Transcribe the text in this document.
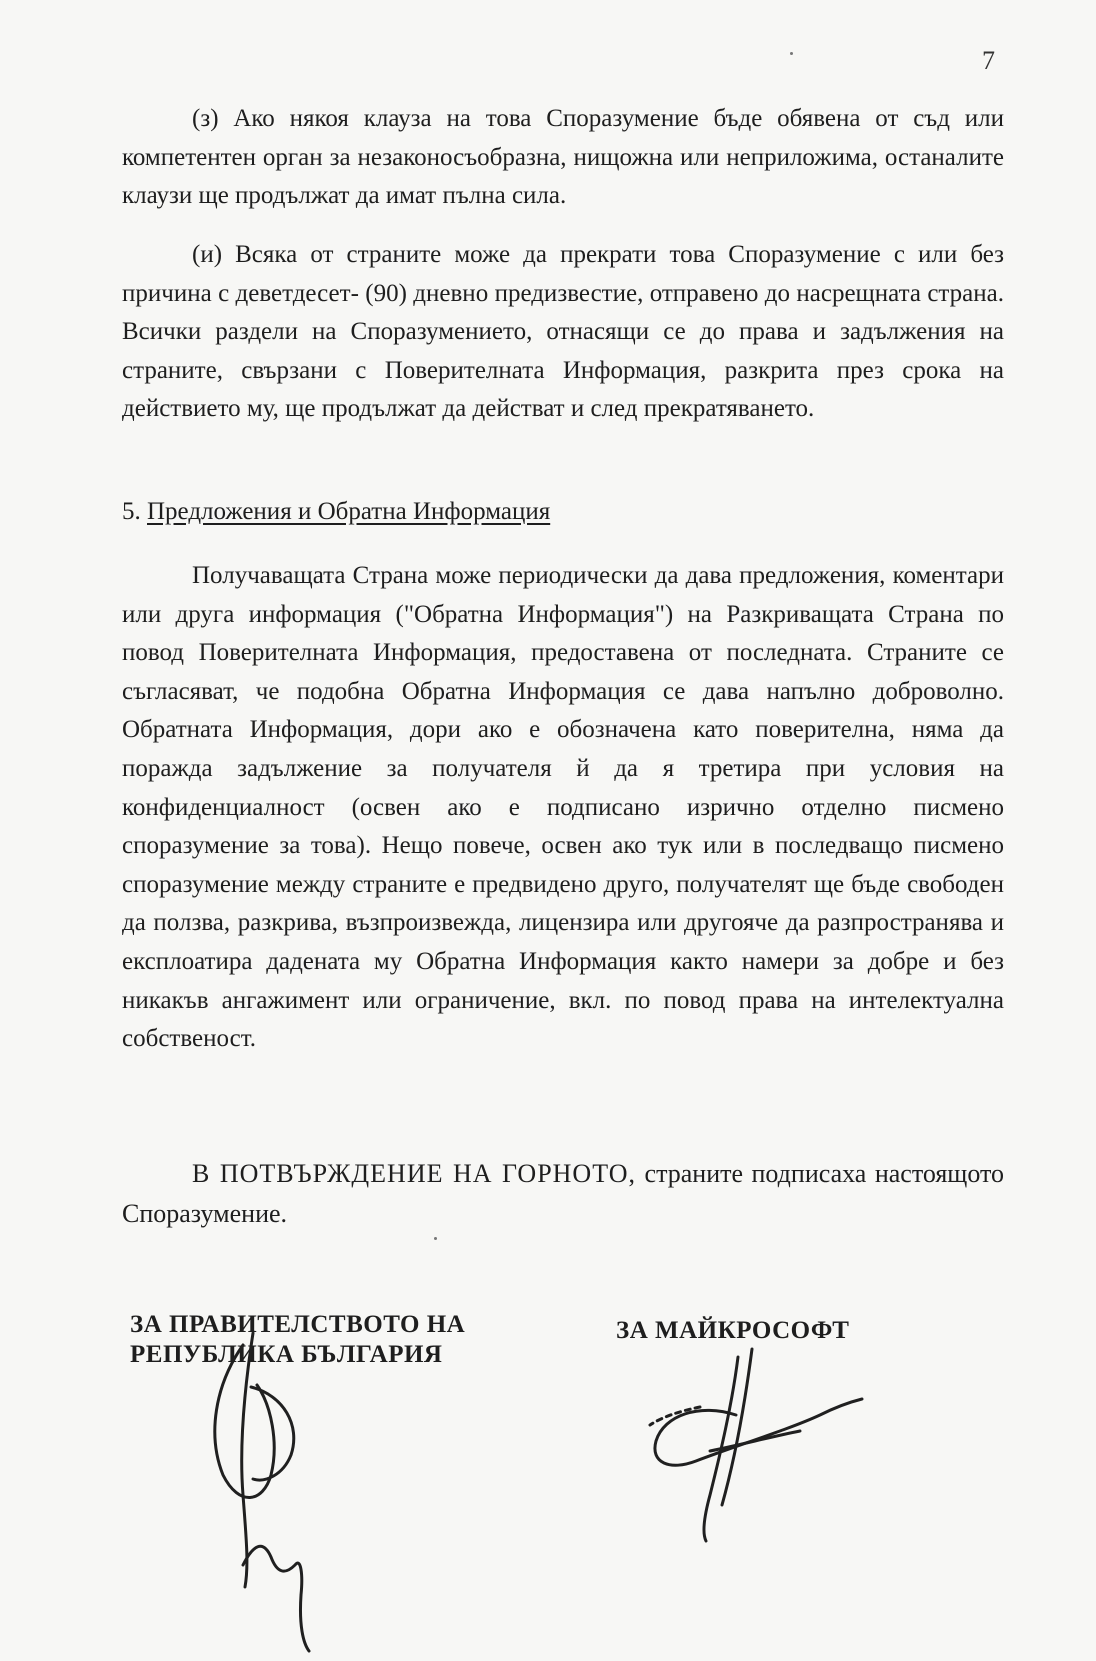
7

(з) Ако някоя клауза на това Споразумение бъде обявена от съд или компетентен орган за незаконосъобразна, нищожна или неприложима, останалите клаузи ще продължат да имат пълна сила.

(и) Всяка от страните може да прекрати това Споразумение с или без причина с деветдесет- (90) дневно предизвестие, отправено до насрещната страна. Всички раздели на Споразумението, отнасящи се до права и задължения на страните, свързани с Поверителната Информация, разкрита през срока на действието му, ще продължат да действат и след прекратяването.

5. Предложения и Обратна Информация

Получаващата Страна може периодически да дава предложения, коментари или друга информация ("Обратна Информация") на Разкриващата Страна по повод Поверителната Информация, предоставена от последната. Страните се съгласяват, че подобна Обратна Информация се дава напълно доброволно. Обратната Информация, дори ако е обозначена като поверителна, няма да поражда задължение за получателя й да я третира при условия на конфиденциалност (освен ако е подписано изрично отделно писмено споразумение за това). Нещо повече, освен ако тук или в последващо писмено споразумение между страните е предвидено друго, получателят ще бъде свободен да ползва, разкрива, възпроизвежда, лицензира или другояче да разпространява и експлоатира дадената му Обратна Информация както намери за добре и без никакъв ангажимент или ограничение, вкл. по повод права на интелектуална собственост.

В ПОТВЪРЖДЕНИЕ НА ГОРНОТО, страните подписаха настоящото Споразумение.

ЗА ПРАВИТЕЛСТВОТО НА
РЕПУБЛИКА БЪЛГАРИЯ
ЗА МАЙКРОСОФТ
